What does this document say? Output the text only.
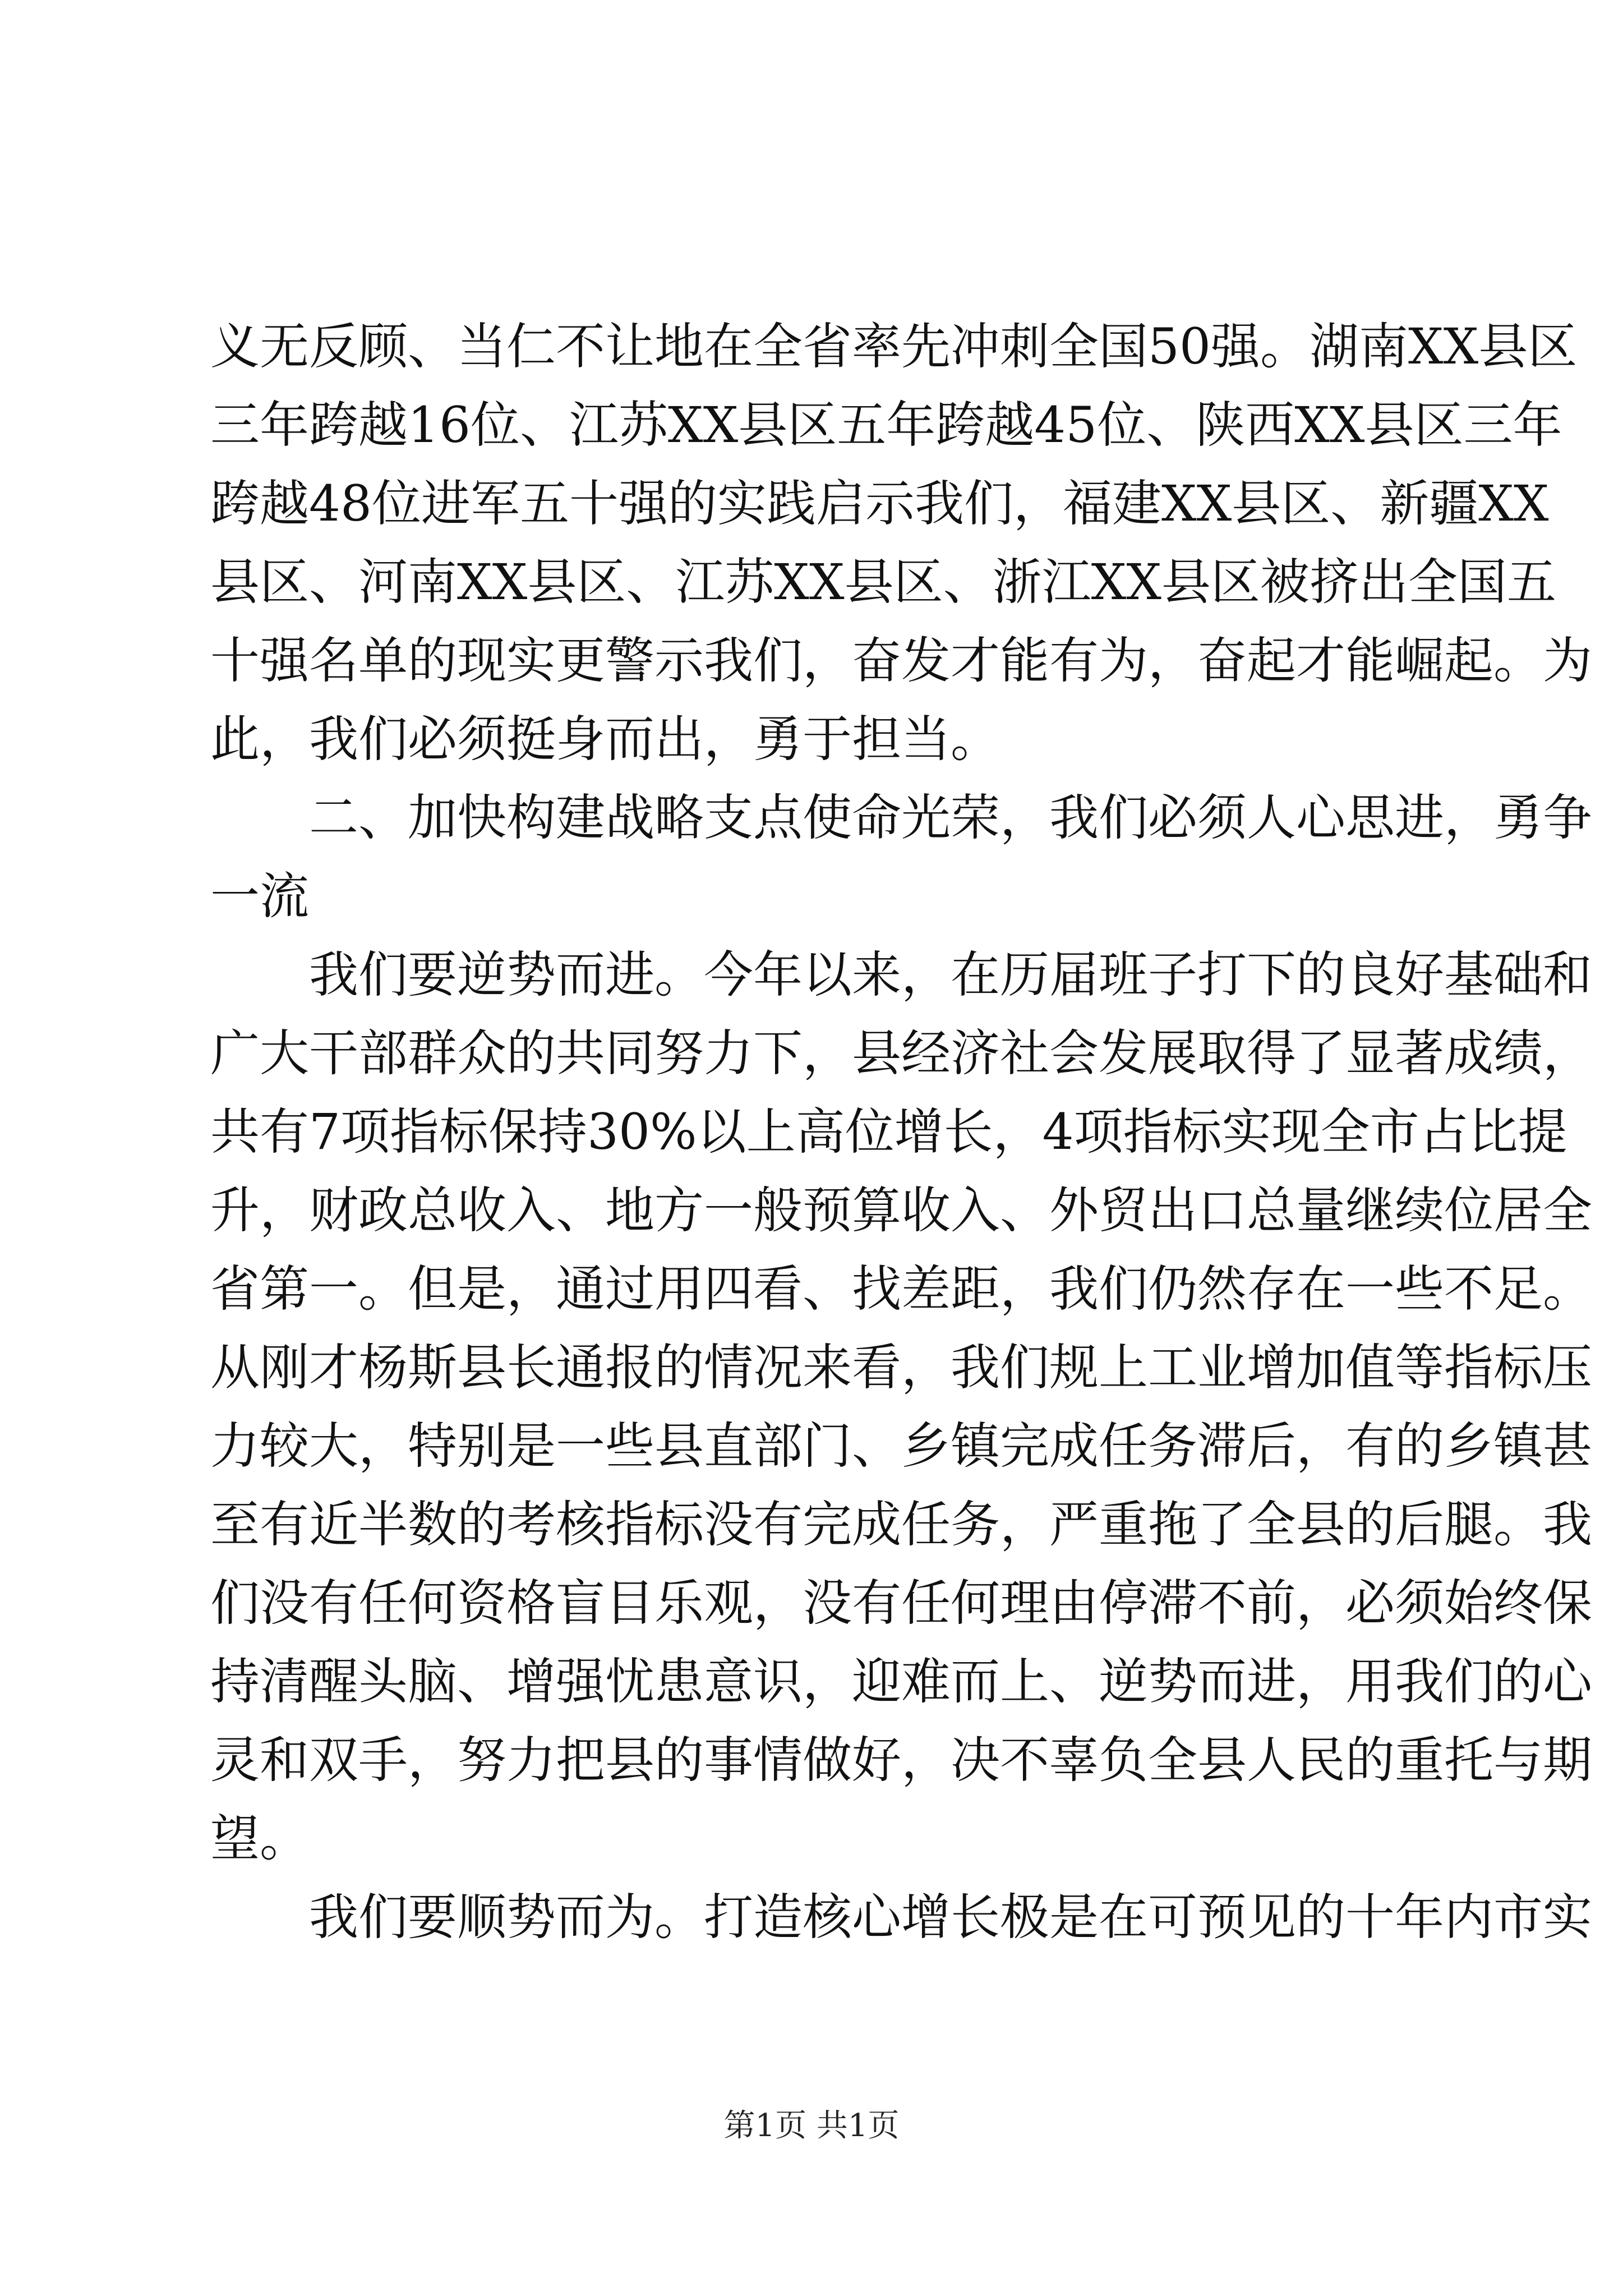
义无反顾、当仁不让地在全省率先冲刺全国50强。湖南XX县区
三年跨越16位、江苏XX县区五年跨越45位、陕西XX县区三年
跨越48位进军五十强的实践启示我们，福建XX县区、新疆XX
县区、河南XX县区、江苏XX县区、浙江XX县区被挤出全国五
十强名单的现实更警示我们，奋发才能有为，奋起才能崛起。为
此，我们必须挺身而出，勇于担当。
二、加快构建战略支点使命光荣，我们必须人心思进，勇争
一流
我们要逆势而进。今年以来，在历届班子打下的良好基础和
广大干部群众的共同努力下，县经济社会发展取得了显著成绩，
共有7项指标保持30%以上高位增长，4项指标实现全市占比提
升，财政总收入、地方一般预算收入、外贸出口总量继续位居全
省第一。但是，通过用四看、找差距，我们仍然存在一些不足。
从刚才杨斯县长通报的情况来看，我们规上工业增加值等指标压
力较大，特别是一些县直部门、乡镇完成任务滞后，有的乡镇甚
至有近半数的考核指标没有完成任务，严重拖了全县的后腿。我
们没有任何资格盲目乐观，没有任何理由停滞不前，必须始终保
持清醒头脑、增强忧患意识，迎难而上、逆势而进，用我们的心
灵和双手，努力把县的事情做好，决不辜负全县人民的重托与期
望。
我们要顺势而为。打造核心增长极是在可预见的十年内市实
第1页 共1页
